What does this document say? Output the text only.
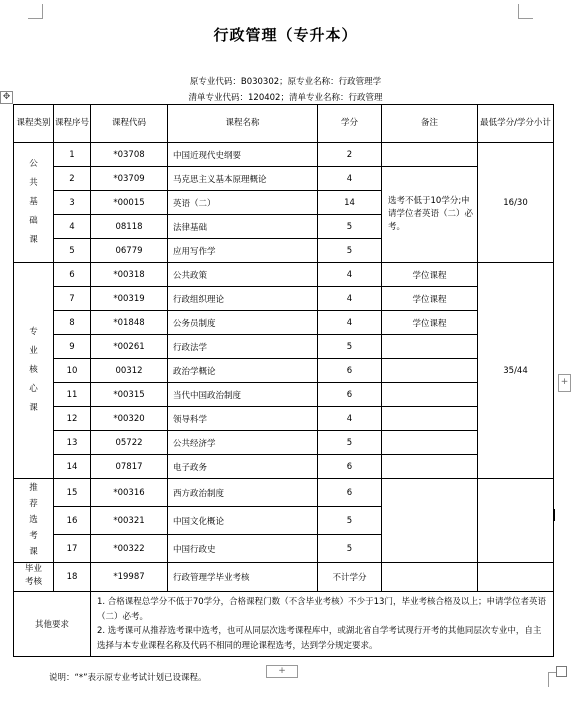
行政管理（专升本）
原专业代码：B030302；原专业名称：行政管理学
清单专业代码：120402；清单专业名称：行政管理
✥
课程类别	课程序号	课程代码	课程名称	学分	备注	最低学分/学分小计
公共基础课	1	*03708	中国近现代史纲要	2		16/30
	2	*03709	马克思主义基本原理概论	4	选考不低于10学分;申请学位者英语（二）必考。	
	3	*00015	英语（二）	14		
	4	08118	法律基础	5		
	5	06779	应用写作学	5		
专业核心课	6	*00318	公共政策	4	学位课程	35/44
	7	*00319	行政组织理论	4	学位课程	
	8	*01848	公务员制度	4	学位课程	
	9	*00261	行政法学	5		
	10	00312	政治学概论	6		
	11	*00315	当代中国政治制度	6		
	12	*00320	领导科学	4		
	13	05722	公共经济学	5		
	14	07817	电子政务	6		
推荐选考课	15	*00316	西方政治制度	6		
	16	*00321	中国文化概论	5		
	17	*00322	中国行政史	5		
毕业考核	18	*19987	行政管理学毕业考核	不计学分		
其他要求		1. 合格课程总学分不低于70学分，合格课程门数（不含毕业考核）不少于13门，毕业考核合格及以上；申请学位者英语（二）必考。
2. 选考课可从推荐选考课中选考，也可从同层次选考课程库中，或湖北省自学考试现行开考的其他同层次专业中，自主选择与本专业课程名称及代码不相同的理论课程选考，达到学分规定要求。				
说明：“*”表示原专业考试计划已设课程。
+
+
